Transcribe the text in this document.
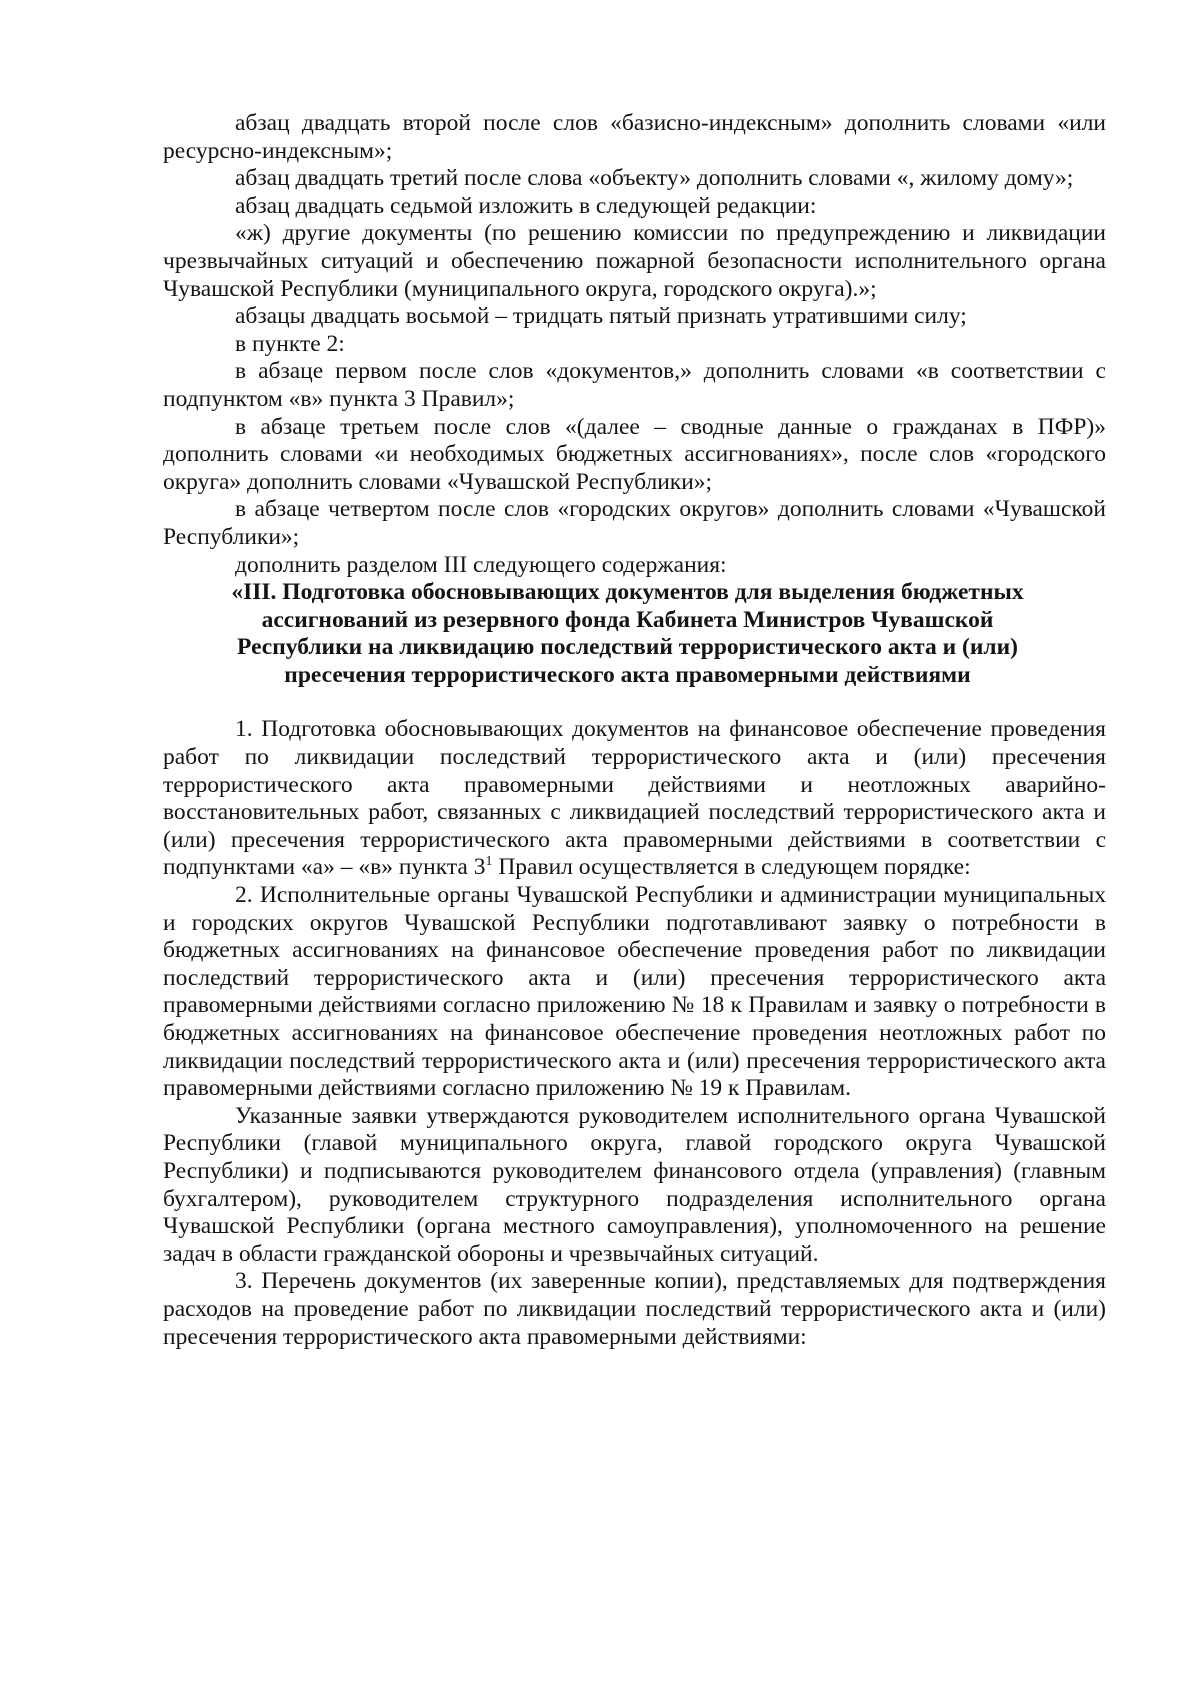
абзац двадцать второй после слов «базисно-индексным» дополнить словами «или ресурсно-индексным»;

абзац двадцать третий после слова «объекту» дополнить словами «, жилому дому»;

абзац двадцать седьмой изложить в следующей редакции:

«ж) другие документы (по решению комиссии по предупреждению и ликвидации чрезвычайных ситуаций и обеспечению пожарной безопасности исполнительного органа Чувашской Республики (муниципального округа, городского округа).»;

абзацы двадцать восьмой – тридцать пятый признать утратившими силу;

в пункте 2:

в абзаце первом после слов «документов,» дополнить словами «в соответствии с подпунктом «в» пункта 3 Правил»;

в абзаце третьем после слов «(далее – сводные данные о гражданах в ПФР)» дополнить словами «и необходимых бюджетных ассигнованиях», после слов «городского округа» дополнить словами «Чувашской Республики»;

в абзаце четвертом после слов «городских округов» дополнить словами «Чувашской Республики»;

дополнить разделом III следующего содержания:

«III. Подготовка обосновывающих документов для выделения бюджетных
ассигнований из резервного фонда Кабинета Министров Чувашской
Республики на ликвидацию последствий террористического акта и (или)
пресечения террористического акта правомерными действиями

1. Подготовка обосновывающих документов на финансовое обеспечение проведения работ по ликвидации последствий террористического акта и (или) пресечения террористического акта правомерными действиями и неотложных аварийно-восстановительных работ, связанных с ликвидацией последствий террористического акта и (или) пресечения террористического акта правомерными действиями в соответствии с подпунктами «а» – «в» пункта $3^1$ Правил осуществляется в следующем порядке:

2. Исполнительные органы Чувашской Республики и администрации муниципальных и городских округов Чувашской Республики подготавливают заявку о потребности в бюджетных ассигнованиях на финансовое обеспечение проведения работ по ликвидации последствий террористического акта и (или) пресечения террористического акта правомерными действиями согласно приложению № 18 к Правилам и заявку о потребности в бюджетных ассигнованиях на финансовое обеспечение проведения неотложных работ по ликвидации последствий террористического акта и (или) пресечения террористического акта правомерными действиями согласно приложению № 19 к Правилам.

Указанные заявки утверждаются руководителем исполнительного органа Чувашской Республики (главой муниципального округа, главой городского округа Чувашской Республики) и подписываются руководителем финансового отдела (управления) (главным бухгалтером), руководителем структурного подразделения исполнительного органа Чувашской Республики (органа местного самоуправления), уполномоченного на решение задач в области гражданской обороны и чрезвычайных ситуаций.

3. Перечень документов (их заверенные копии), представляемых для подтверждения расходов на проведение работ по ликвидации последствий террористического акта и (или) пресечения террористического акта правомерными действиями:
